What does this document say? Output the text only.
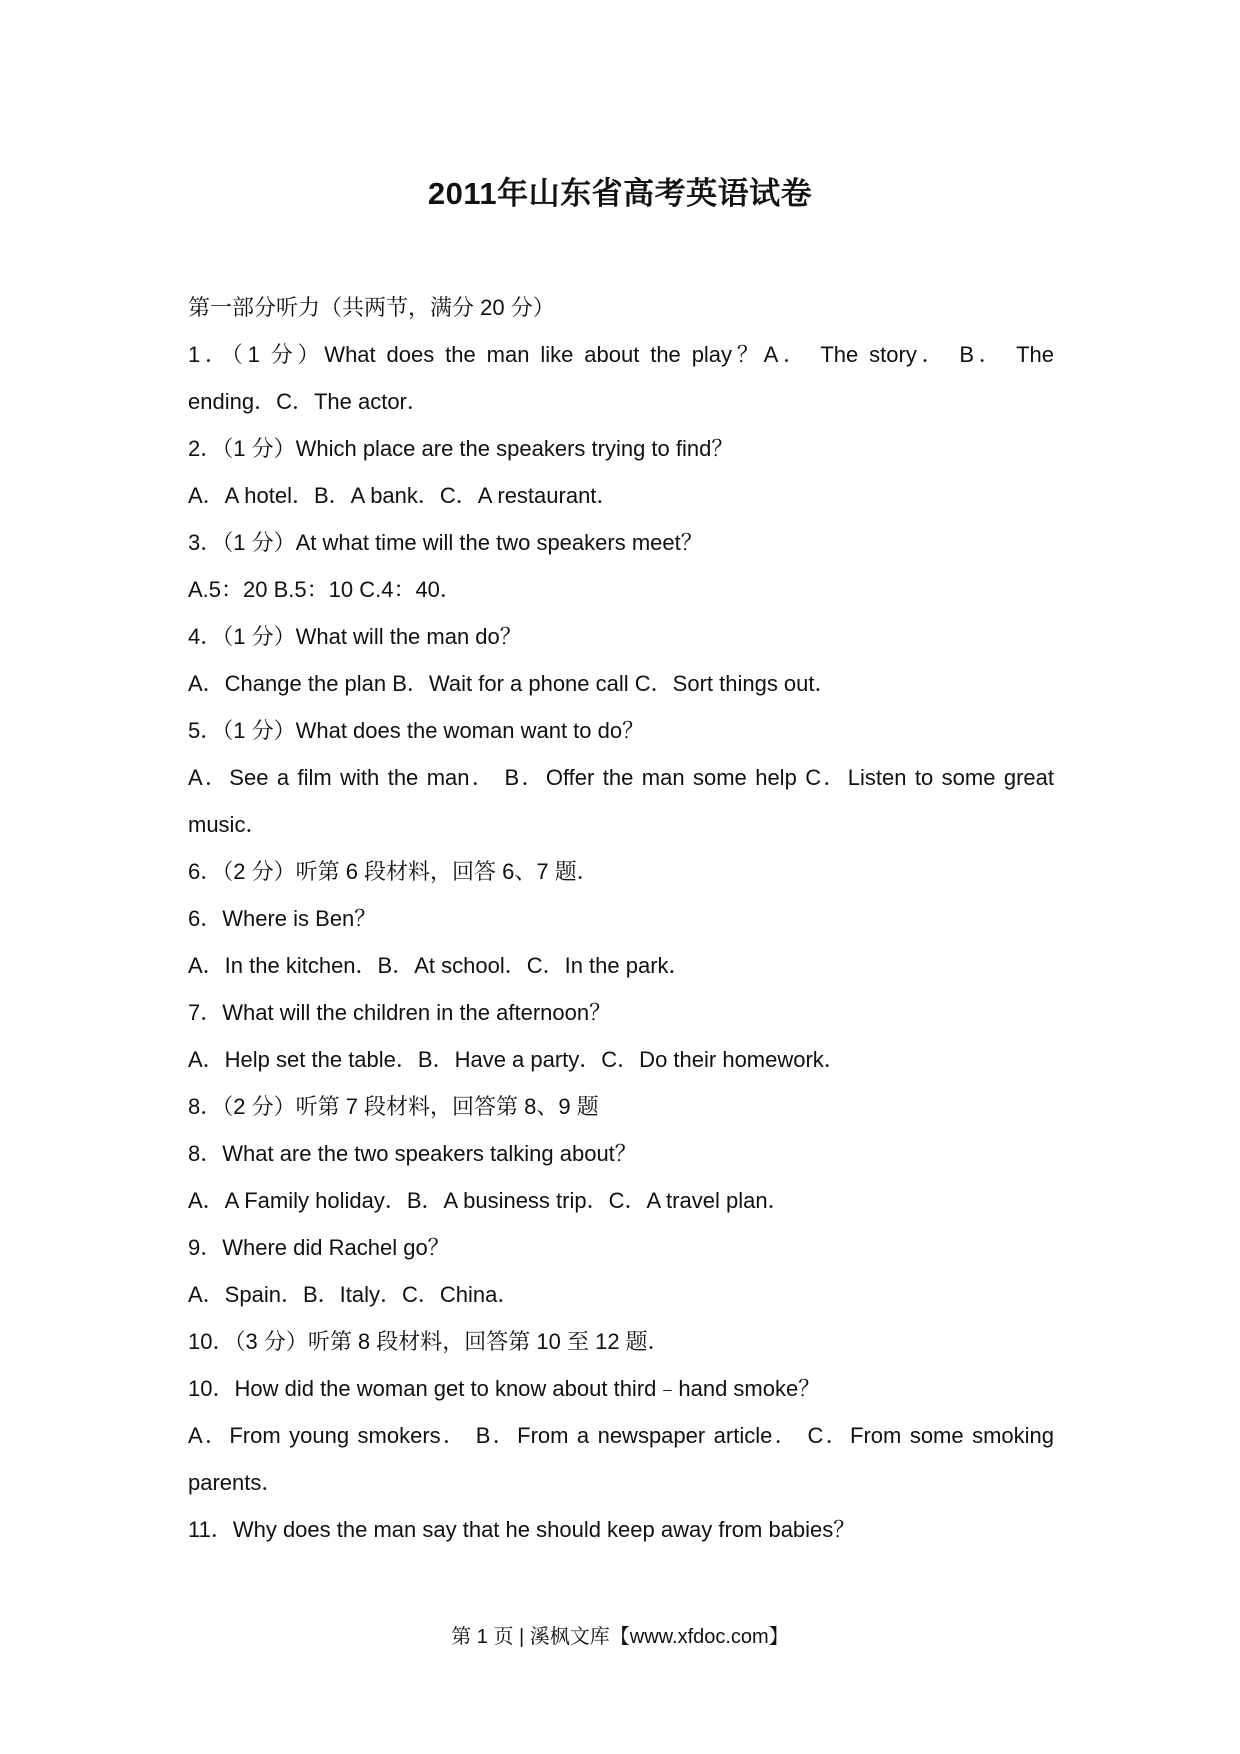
2011年山东省高考英语试卷
第一部分听力（共两节，满分 20 分）
1．（1 分）What does the man like about the play？A． The story． B． The
ending．C．The actor．
2．（1 分）Which place are the speakers trying to find？
A．A hotel．B．A bank．C．A restaurant．
3．（1 分）At what time will the two speakers meet？
A.5：20 B.5：10 C.4：40．
4．（1 分）What will the man do？
A．Change the plan B．Wait for a phone call C．Sort things out．
5．（1 分）What does the woman want to do？
A．See a film with the man． B．Offer the man some help C．Listen to some great
music．
6．（2 分）听第 6 段材料，回答 6、7 题．
6．Where is Ben？
A．In the kitchen．B．At school．C．In the park．
7．What will the children in the afternoon？
A．Help set the table．B．Have a party．C．Do their homework．
8．（2 分）听第 7 段材料，回答第 8、9 题
8．What are the two speakers talking about？
A．A Family holiday．B．A business trip．C．A travel plan．
9．Where did Rachel go？
A．Spain．B．Italy．C．China．
10．（3 分）听第 8 段材料，回答第 10 至 12 题．
10．How did the woman get to know about third﹣hand smoke？
A．From young smokers． B．From a newspaper article． C．From some smoking
parents．
11．Why does the man say that he should keep away from babies？
第 1 页 | 溪枫文库【www.xfdoc.com】
